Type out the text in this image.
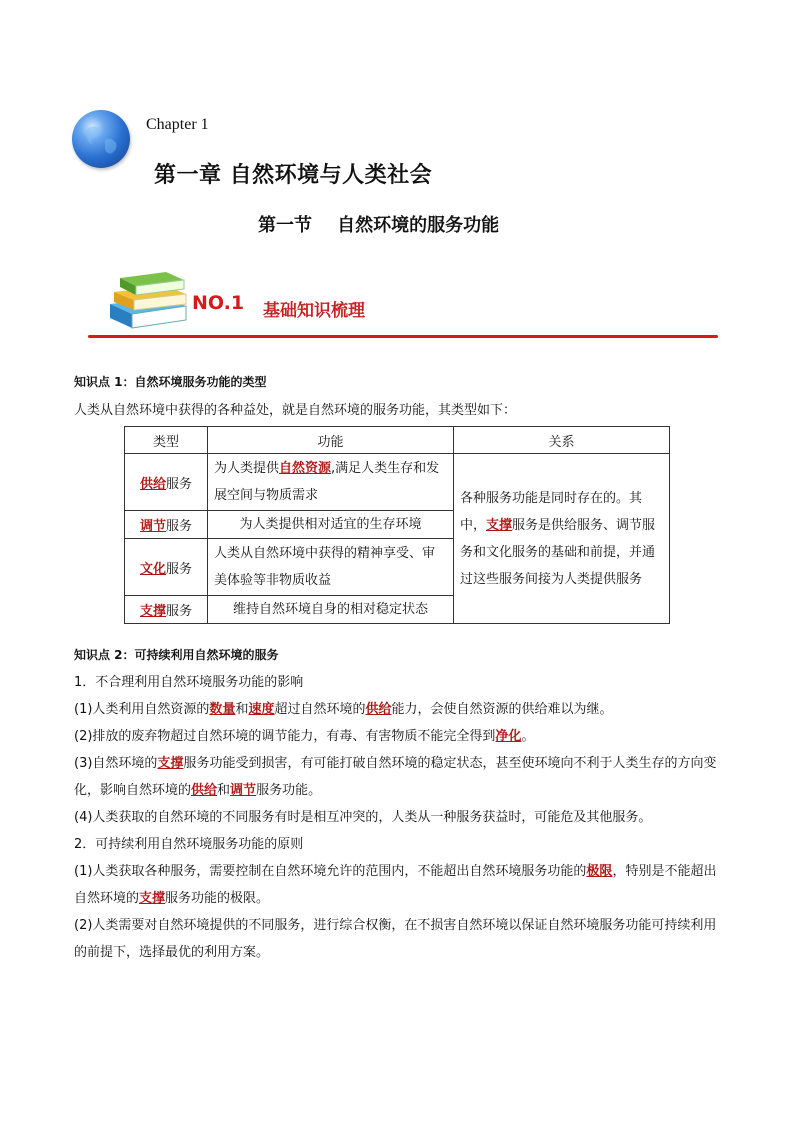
Chapter 1
第一章 自然环境与人类社会
第一节    自然环境的服务功能
NO.1 基础知识梳理
知识点 1：自然环境服务功能的类型
人类从自然环境中获得的各种益处，就是自然环境的服务功能，其类型如下：
类型	功能	关系
供给服务	为人类提供自然资源,满足人类生存和发展空间与物质需求	各种服务功能是同时存在的。其中，支撑服务是供给服务、调节服务和文化服务的基础和前提，并通过这些服务间接为人类提供服务
调节服务	为人类提供相对适宜的生存环境	
文化服务	人类从自然环境中获得的精神享受、审美体验等非物质收益	
支撑服务	维持自然环境自身的相对稳定状态	
知识点 2：可持续利用自然环境的服务
1．不合理利用自然环境服务功能的影响
(1)人类利用自然资源的数量和速度超过自然环境的供给能力，会使自然资源的供给难以为继。
(2)排放的废弃物超过自然环境的调节能力，有毒、有害物质不能完全得到净化。
(3)自然环境的支撑服务功能受到损害，有可能打破自然环境的稳定状态，甚至使环境向不利于人类生存的方向变化，影响自然环境的供给和调节服务功能。
(4)人类获取的自然环境的不同服务有时是相互冲突的，人类从一种服务获益时，可能危及其他服务。
2．可持续利用自然环境服务功能的原则
(1)人类获取各种服务，需要控制在自然环境允许的范围内，不能超出自然环境服务功能的极限，特别是不能超出自然环境的支撑服务功能的极限。
(2)人类需要对自然环境提供的不同服务，进行综合权衡，在不损害自然环境以保证自然环境服务功能可持续利用的前提下，选择最优的利用方案。
